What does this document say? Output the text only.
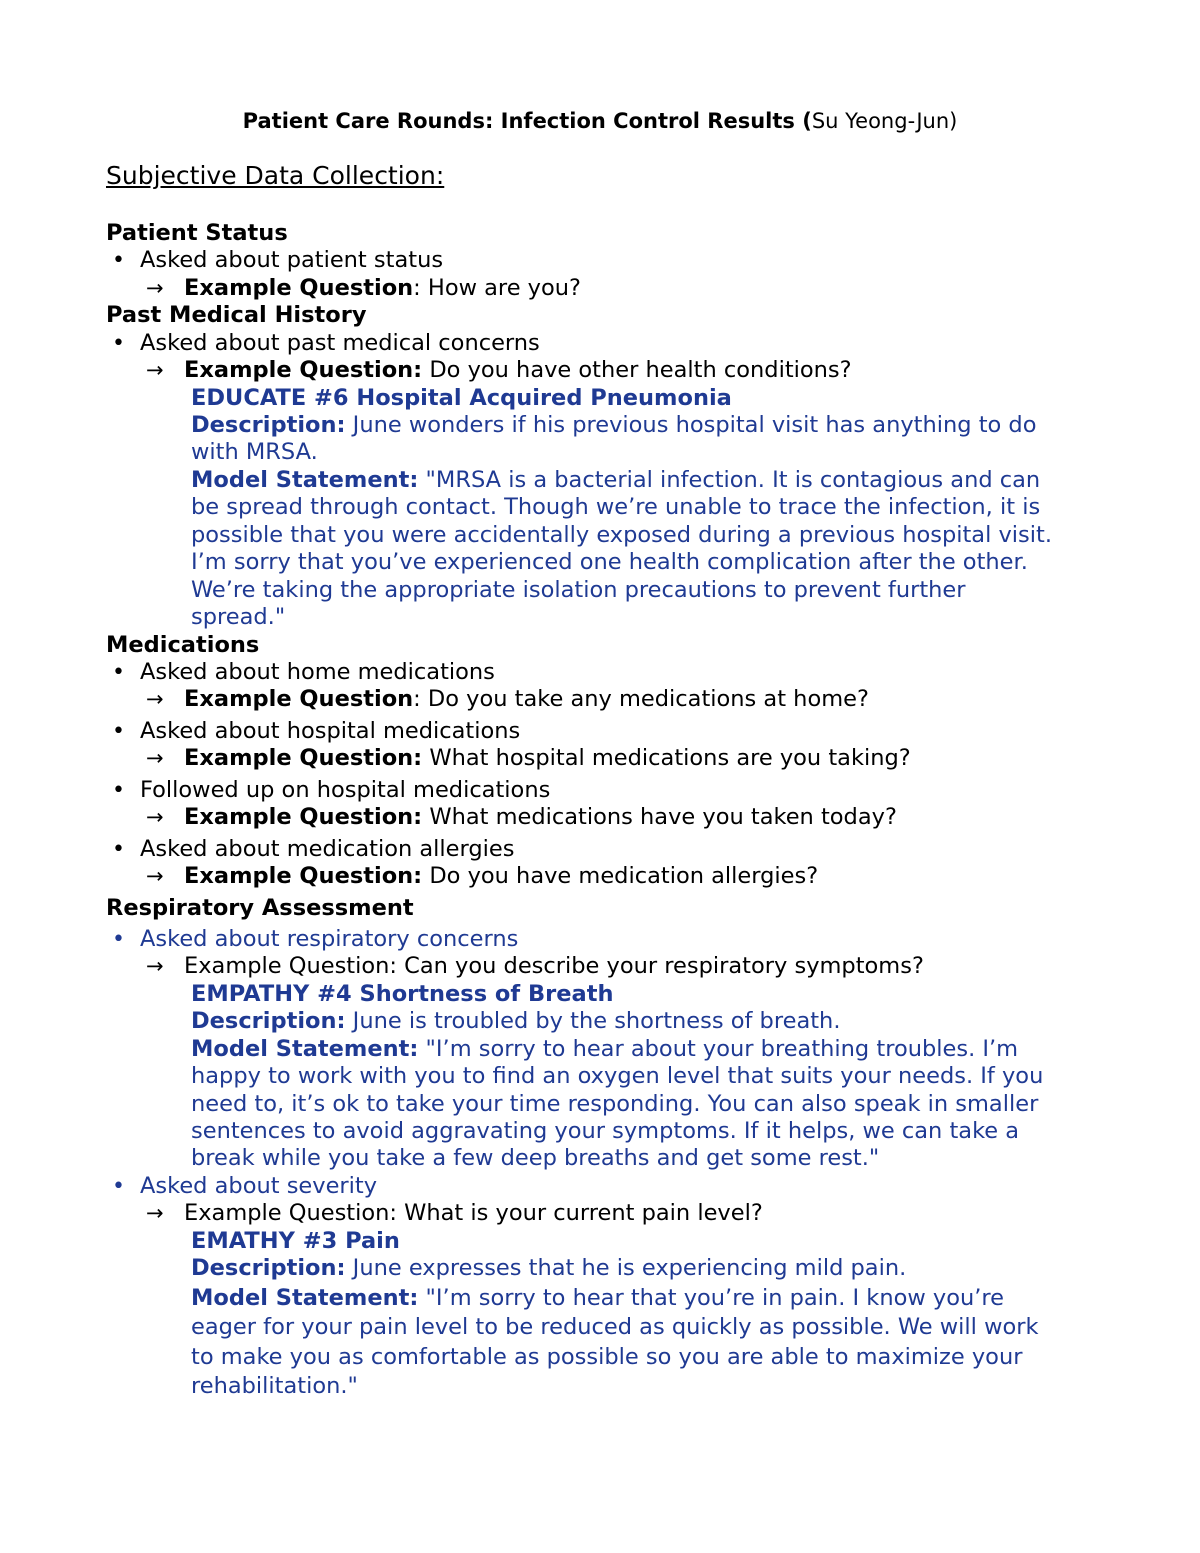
Patient Care Rounds: Infection Control Results (Su Yeong-Jun)
Subjective Data Collection:
Patient Status
• Asked about patient status
→ Example Question: How are you?
Past Medical History
• Asked about past medical concerns
→ Example Question: Do you have other health conditions?
EDUCATE #6 Hospital Acquired Pneumonia
Description: June wonders if his previous hospital visit has anything to do
with MRSA.
Model Statement: "MRSA is a bacterial infection. It is contagious and can
be spread through contact. Though we’re unable to trace the infection, it is
possible that you were accidentally exposed during a previous hospital visit.
I’m sorry that you’ve experienced one health complication after the other.
We’re taking the appropriate isolation precautions to prevent further
spread."
Medications
• Asked about home medications
→ Example Question: Do you take any medications at home?
• Asked about hospital medications
→ Example Question: What hospital medications are you taking?
• Followed up on hospital medications
→ Example Question: What medications have you taken today?
• Asked about medication allergies
→ Example Question: Do you have medication allergies?
Respiratory Assessment
• Asked about respiratory concerns
→ Example Question: Can you describe your respiratory symptoms?
EMPATHY #4 Shortness of Breath
Description: June is troubled by the shortness of breath.
Model Statement: "I’m sorry to hear about your breathing troubles. I’m
happy to work with you to find an oxygen level that suits your needs. If you
need to, it’s ok to take your time responding. You can also speak in smaller
sentences to avoid aggravating your symptoms. If it helps, we can take a
break while you take a few deep breaths and get some rest."
• Asked about severity
→ Example Question: What is your current pain level?
EMATHY #3 Pain
Description: June expresses that he is experiencing mild pain.
Model Statement: "I’m sorry to hear that you’re in pain. I know you’re
eager for your pain level to be reduced as quickly as possible. We will work
to make you as comfortable as possible so you are able to maximize your
rehabilitation."
